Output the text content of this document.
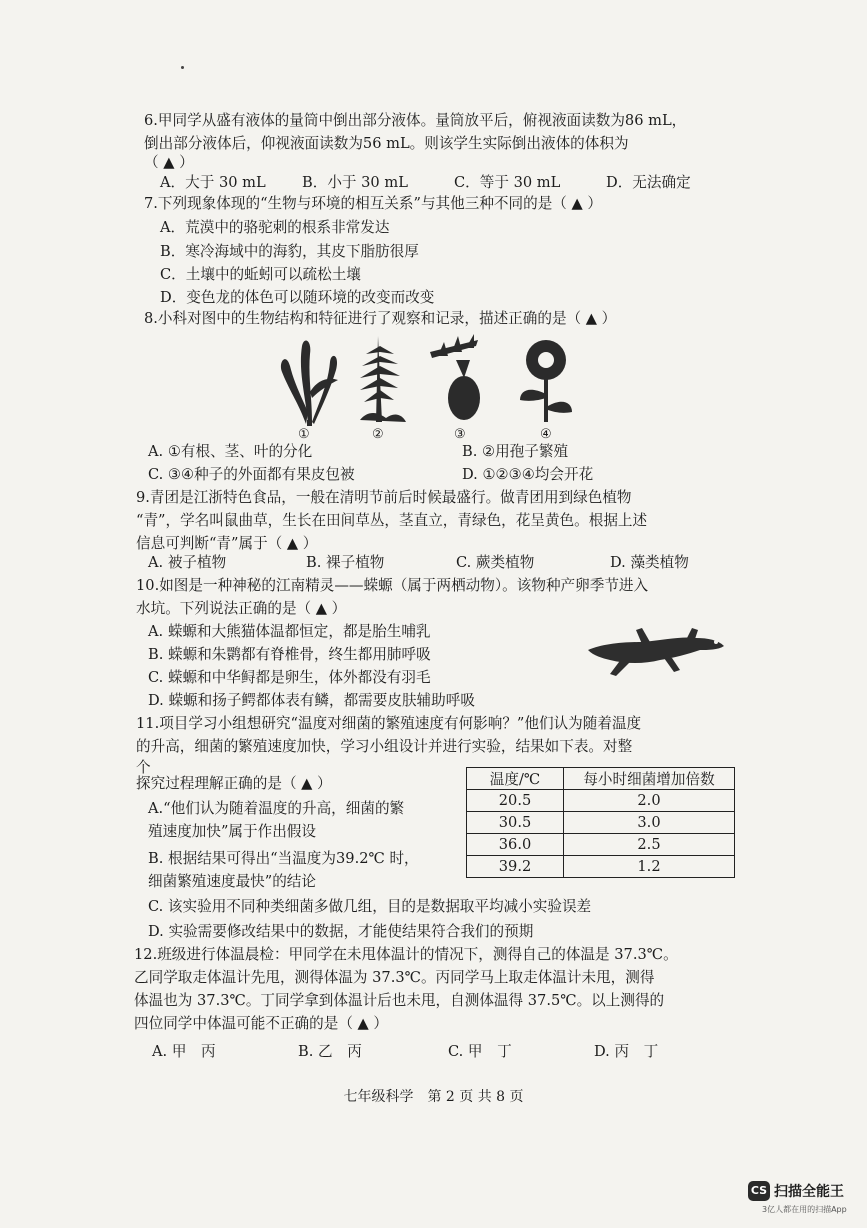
6.甲同学从盛有液体的量筒中倒出部分液体。量筒放平后，俯视液面读数为86 mL，
倒出部分液体后，仰视液面读数为56 mL。则该学生实际倒出液体的体积为
（ ▲ ）
A．大于 30 mL B．小于 30 mL	C．等于 30 mL	D．无法确定
7.下列现象体现的“生物与环境的相互关系”与其他三种不同的是（ ▲ ）
A．荒漠中的骆驼刺的根系非常发达
B．寒冷海域中的海豹，其皮下脂肪很厚
C．土壤中的蚯蚓可以疏松土壤
D．变色龙的体色可以随环境的改变而改变
8.小科对图中的生物结构和特征进行了观察和记录，描述正确的是（ ▲ ）
①	②	③	④
A. ①有根、茎、叶的分化	B. ②用孢子繁殖
C. ③④种子的外面都有果皮包被	D. ①②③④均会开花
9.青团是江浙特色食品，一般在清明节前后时候最盛行。做青团用到绿色植物
“青”，学名叫鼠曲草，生长在田间草丛，茎直立，青绿色，花呈黄色。根据上述
信息可判断“青”属于（ ▲ ）
A. 被子植物	B. 裸子植物	C. 蕨类植物	D. 藻类植物
10.如图是一种神秘的江南精灵——蝾螈（属于两栖动物）。该物种产卵季节进入
水坑。下列说法正确的是（ ▲ ）
A. 蝾螈和大熊猫体温都恒定，都是胎生哺乳
B. 蝾螈和朱鹮都有脊椎骨，终生都用肺呼吸
C. 蝾螈和中华鲟都是卵生，体外都没有羽毛
D. 蝾螈和扬子鳄都体表有鳞，都需要皮肤辅助呼吸
11.项目学习小组想研究“温度对细菌的繁殖速度有何影响？”他们认为随着温度
的升高，细菌的繁殖速度加快，学习小组设计并进行实验，结果如下表。对整
个
探究过程理解正确的是（ ▲ ）
A.“他们认为随着温度的升高，细菌的繁
殖速度加快”属于作出假设
B. 根据结果可得出“当温度为39.2℃ 时，
细菌繁殖速度最快”的结论
C. 该实验用不同种类细菌多做几组，目的是数据取平均减小实验误差
D. 实验需要修改结果中的数据，才能使结果符合我们的预期
温度/℃	每小时细菌增加倍数
20.5	2.0
30.5	3.0
36.0	2.5
39.2	1.2
12.班级进行体温晨检：甲同学在未甩体温计的情况下，测得自己的体温是 37.3℃。
乙同学取走体温计先甩，测得体温为 37.3℃。丙同学马上取走体温计未甩，测得
体温也为 37.3℃。丁同学拿到体温计后也未甩，自测体温得 37.5℃。以上测得的
四位同学中体温可能不正确的是（ ▲ ）
A. 甲　丙	B. 乙　丙	C. 甲　丁	D. 丙　丁
七年级科学　第 2 页 共 8 页
CS 扫描全能王
3亿人都在用的扫描App
